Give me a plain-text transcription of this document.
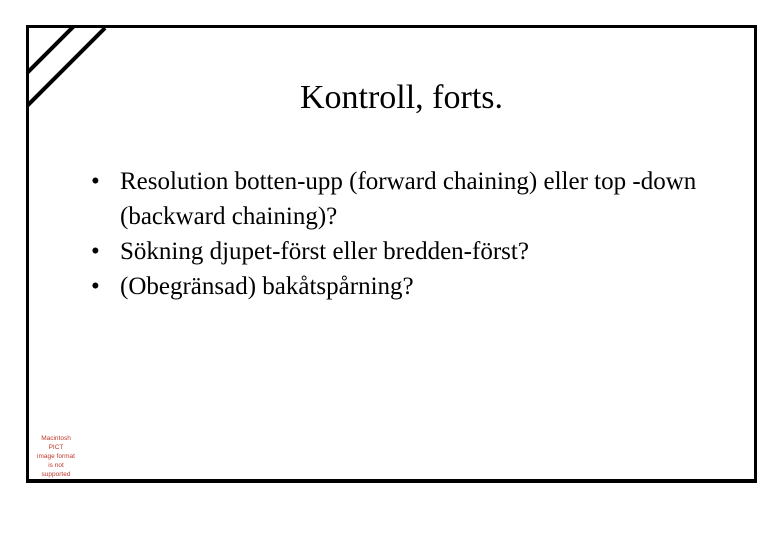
Kontroll, forts.
• Resolution botten-upp (forward chaining) eller top -down (backward chaining)?
• Sökning djupet-först eller bredden-först?
• (Obegränsad) bakåtspårning?
Macintosh PICT
image format
is not supported
